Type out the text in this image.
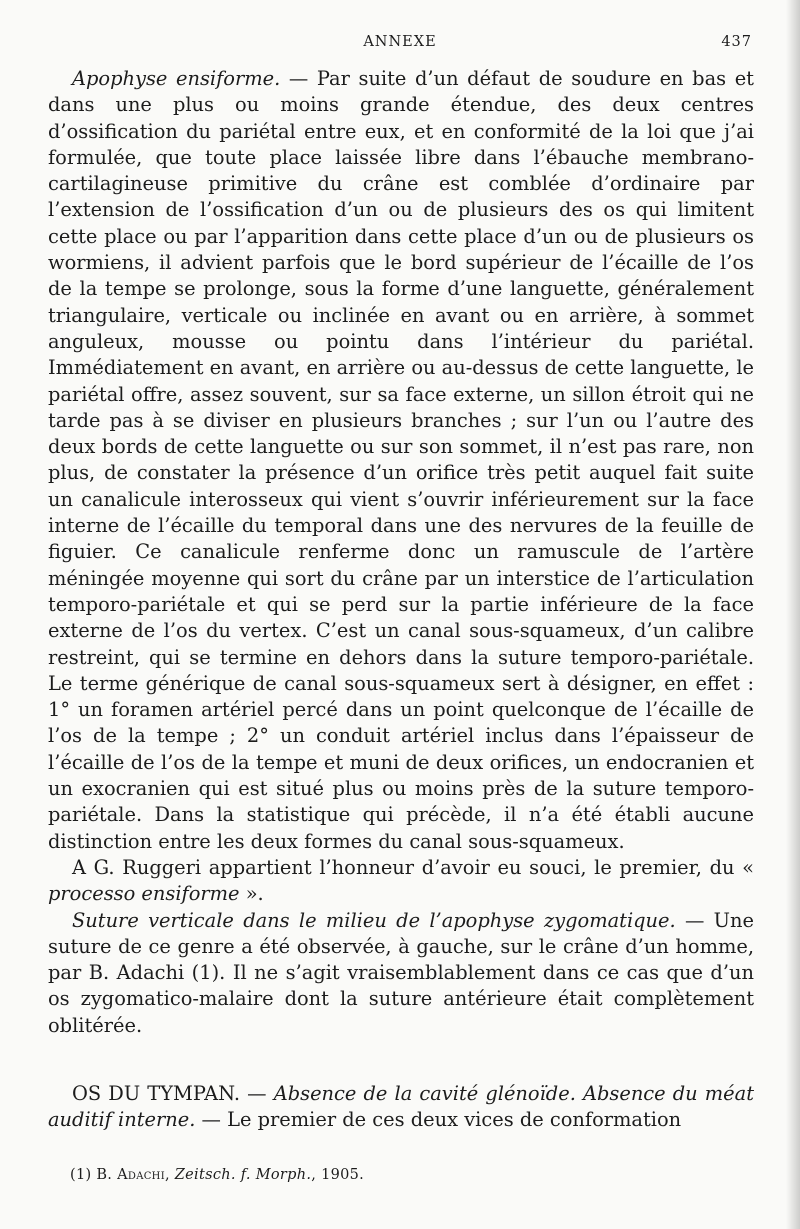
ANNEXE	437

Apophyse ensiforme. — Par suite d’un défaut de soudure en bas et dans une plus ou moins grande étendue, des deux centres d’ossification du pariétal entre eux, et en conformité de la loi que j’ai formulée, que toute place laissée libre dans l’ébauche membrano-cartilagineuse primitive du crâne est comblée d’ordinaire par l’extension de l’ossification d’un ou de plusieurs des os qui limitent cette place ou par l’apparition dans cette place d’un ou de plusieurs os wormiens, il advient parfois que le bord supérieur de l’écaille de l’os de la tempe se prolonge, sous la forme d’une languette, généralement triangulaire, verticale ou inclinée en avant ou en arrière, à sommet anguleux, mousse ou pointu dans l’intérieur du pariétal. Immédiatement en avant, en arrière ou au-dessus de cette languette, le pariétal offre, assez souvent, sur sa face externe, un sillon étroit qui ne tarde pas à se diviser en plusieurs branches ; sur l’un ou l’autre des deux bords de cette languette ou sur son sommet, il n’est pas rare, non plus, de constater la présence d’un orifice très petit auquel fait suite un canalicule interosseux qui vient s’ouvrir inférieurement sur la face interne de l’écaille du temporal dans une des nervures de la feuille de figuier. Ce canalicule renferme donc un ramuscule de l’artère méningée moyenne qui sort du crâne par un interstice de l’articulation temporo-pariétale et qui se perd sur la partie inférieure de la face externe de l’os du vertex. C’est un canal sous-squameux, d’un calibre restreint, qui se termine en dehors dans la suture temporo-pariétale. Le terme générique de canal sous-squameux sert à désigner, en effet : 1° un foramen artériel percé dans un point quelconque de l’écaille de l’os de la tempe ; 2° un conduit artériel inclus dans l’épaisseur de l’écaille de l’os de la tempe et muni de deux orifices, un endocranien et un exocranien qui est situé plus ou moins près de la suture temporo-pariétale. Dans la statistique qui précède, il n’a été établi aucune distinction entre les deux formes du canal sous-squameux.

A G. Ruggeri appartient l’honneur d’avoir eu souci, le premier, du « processo ensiforme ».

Suture verticale dans le milieu de l’apophyse zygomatique. — Une suture de ce genre a été observée, à gauche, sur le crâne d’un homme, par B. Adachi (1). Il ne s’agit vraisemblablement dans ce cas que d’un os zygomatico-malaire dont la suture antérieure était complètement oblitérée.

OS DU TYMPAN. — Absence de la cavité glénoïde. Absence du méat auditif interne. — Le premier de ces deux vices de conformation

(1) B. Adachi, Zeitsch. f. Morph., 1905.
